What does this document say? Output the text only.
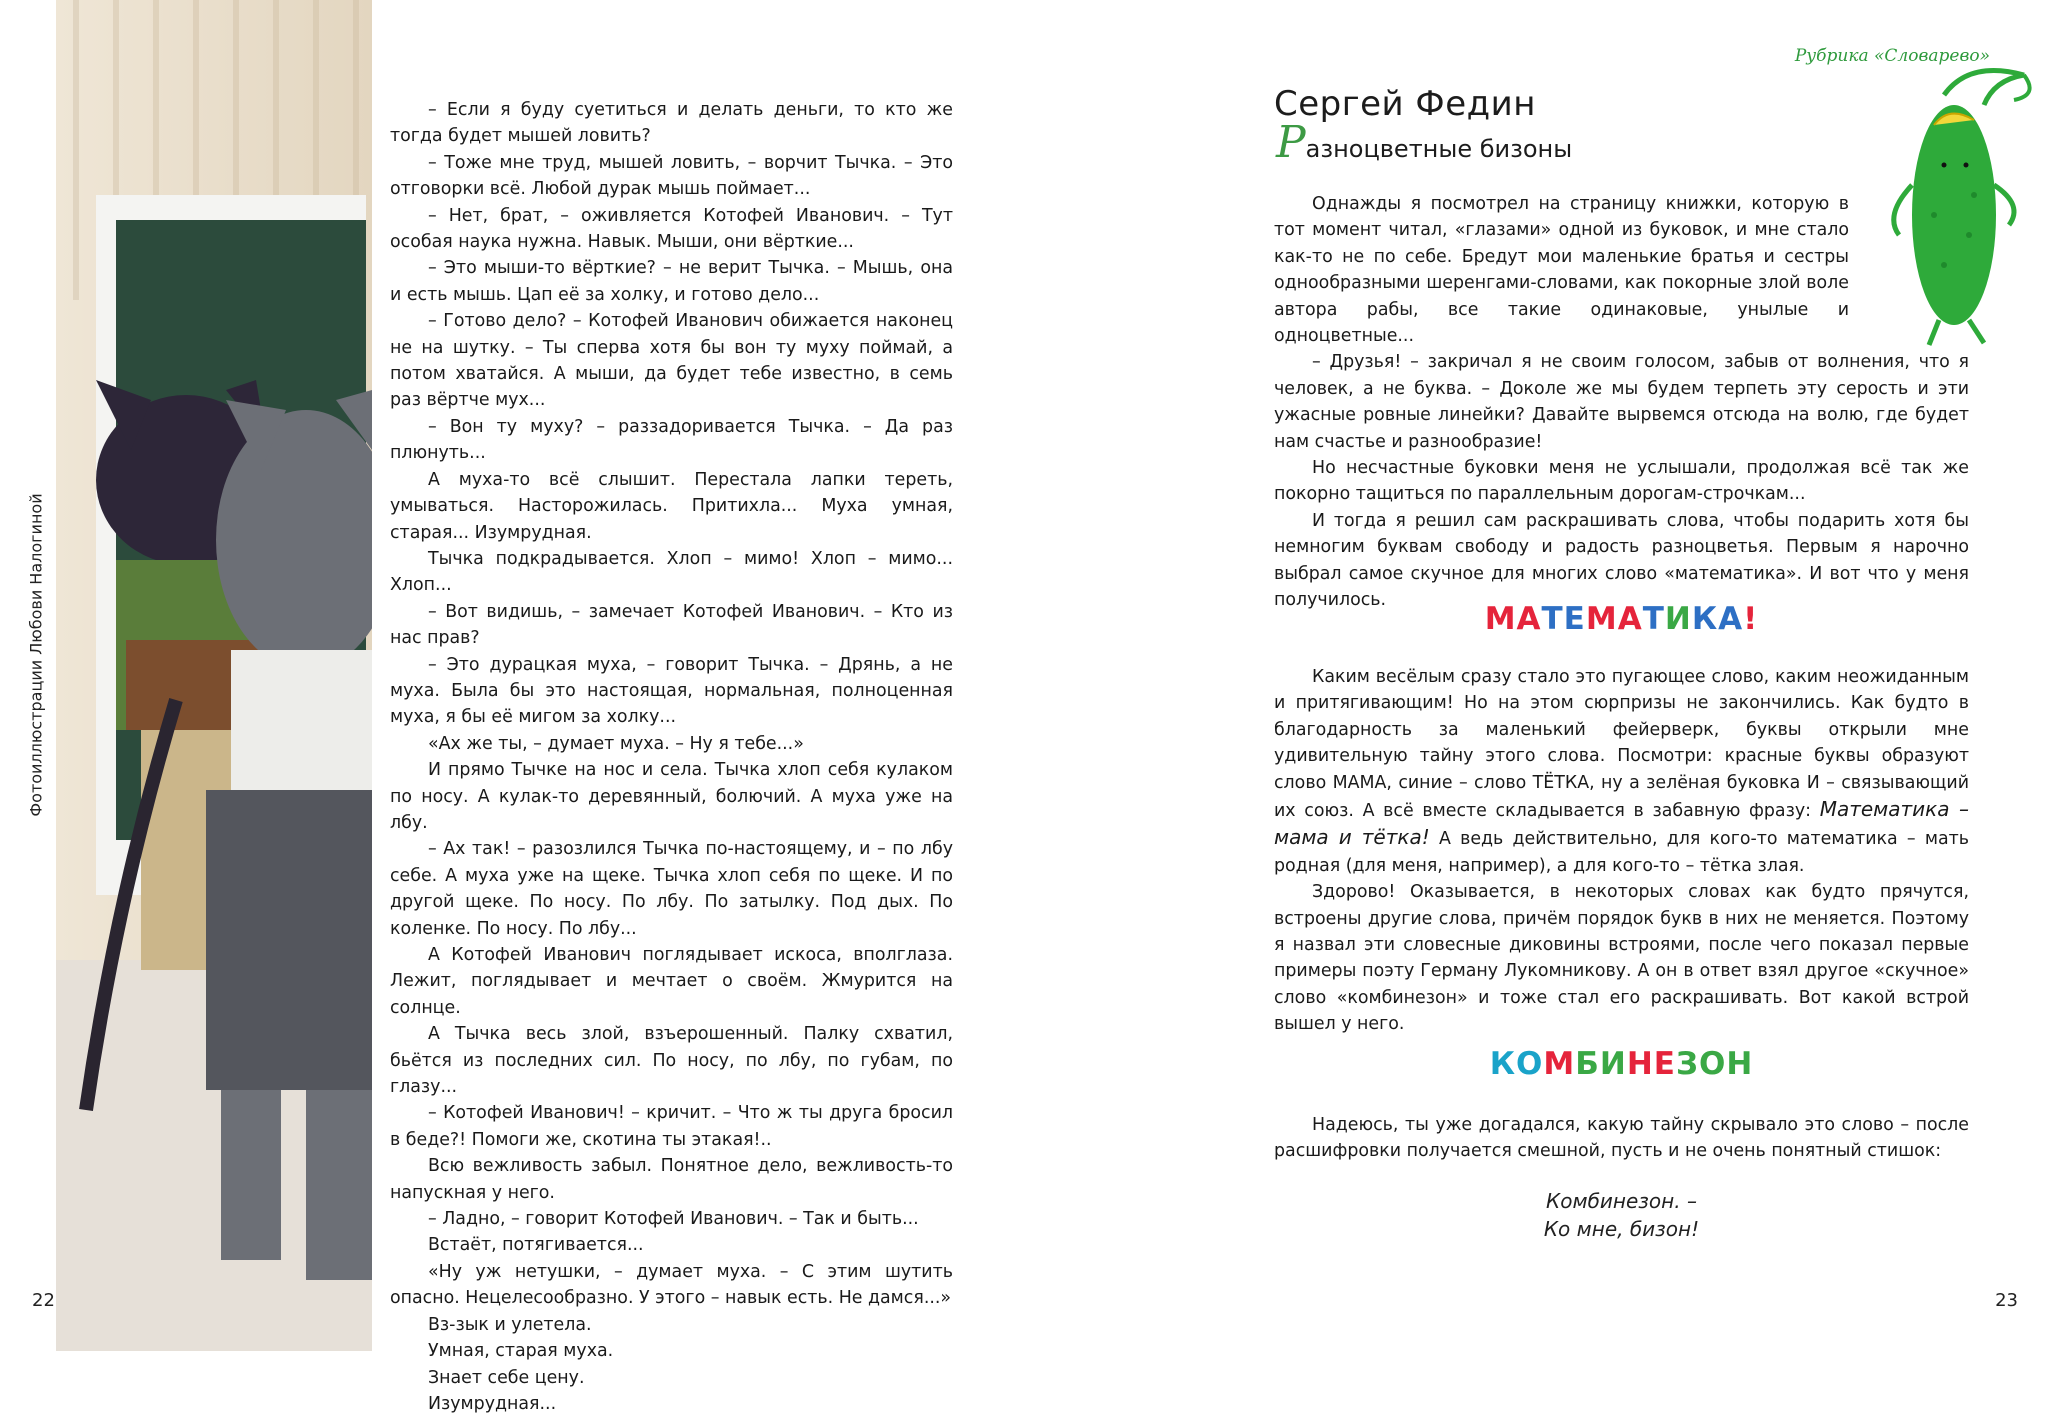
Фотоиллюстрации Любови Налогиной
22

– Если я буду суетиться и делать деньги, то кто же тогда будет мышей ловить?

– Тоже мне труд, мышей ловить, – ворчит Тычка. – Это отговорки всё. Любой дурак мышь поймает...

– Нет, брат, – оживляется Котофей Иванович. – Тут особая наука нужна. Навык. Мыши, они вёрткие...

– Это мыши-то вёрткие? – не верит Тычка. – Мышь, она и есть мышь. Цап её за холку, и готово дело...

– Готово дело? – Котофей Иванович обижается наконец не на шутку. – Ты сперва хотя бы вон ту муху поймай, а потом хватайся. А мыши, да будет тебе известно, в семь раз вёртче мух...

– Вон ту муху? – раззадоривается Тычка. – Да раз плюнуть...

А муха-то всё слышит. Перестала лапки тереть, умываться. Насторожилась. Притихла... Муха умная, старая... Изумрудная.

Тычка подкрадывается. Хлоп – мимо! Хлоп – мимо... Хлоп...

– Вот видишь, – замечает Котофей Иванович. – Кто из нас прав?

– Это дурацкая муха, – говорит Тычка. – Дрянь, а не муха. Была бы это настоящая, нормальная, полноценная муха, я бы её мигом за холку...

«Ах же ты, – думает муха. – Ну я тебе...»

И прямо Тычке на нос и села. Тычка хлоп себя кулаком по носу. А кулак-то деревянный, болючий. А муха уже на лбу.

– Ах так! – разозлился Тычка по-настоящему, и – по лбу себе. А муха уже на щеке. Тычка хлоп себя по щеке. И по другой щеке. По носу. По лбу. По затылку. Под дых. По коленке. По носу. По лбу...

А Котофей Иванович поглядывает искоса, вполглаза. Лежит, поглядывает и мечтает о своём. Жмурится на солнце.

А Тычка весь злой, взъерошенный. Палку схватил, бьётся из последних сил. По носу, по лбу, по губам, по глазу...

– Котофей Иванович! – кричит. – Что ж ты друга бросил в беде?! Помоги же, скотина ты этакая!..

Всю вежливость забыл. Понятное дело, вежливость-то напускная у него.

– Ладно, – говорит Котофей Иванович. – Так и быть...

Встаёт, потягивается...

«Ну уж нетушки, – думает муха. – С этим шутить опасно. Нецелесообразно. У этого – навык есть. Не дамся...»

Вз-зык и улетела.

Умная, старая муха.

Знает себе цену.

Изумрудная...

Рубрика «Словарево»
Сергей Федин
Разноцветные бизоны

Однажды я посмотрел на страницу книжки, которую в тот момент читал, «глазами» одной из буковок, и мне стало как-то не по себе. Бредут мои маленькие братья и сестры однообразными шеренгами-словами, как покорные злой воле автора рабы, все такие одинаковые, унылые и одноцветные...

– Друзья! – закричал я не своим голосом, забыв от волнения, что я человек, а не буква. – Доколе же мы будем терпеть эту серость и эти ужасные ровные линейки? Давайте вырвемся отсюда на волю, где будет нам счастье и разнообразие!

Но несчастные буковки меня не услышали, продолжая всё так же покорно тащиться по параллельным дорогам-строчкам...

И тогда я решил сам раскрашивать слова, чтобы подарить хотя бы немногим буквам свободу и радость разноцветья. Первым я нарочно выбрал самое скучное для многих слово «математика». И вот что у меня получилось.

МАТЕМАТИКА!

Каким весёлым сразу стало это пугающее слово, каким неожиданным и притягивающим! Но на этом сюрпризы не закончились. Как будто в благодарность за маленький фейерверк, буквы открыли мне удивительную тайну этого слова. Посмотри: красные буквы образуют слово МАМА, синие – слово ТЁТКА, ну а зелёная буковка И – связывающий их союз. А всё вместе складывается в забавную фразу: Математика – мама и тётка! А ведь действительно, для кого-то математика – мать родная (для меня, например), а для кого-то – тётка злая.

Здорово! Оказывается, в некоторых словах как будто прячутся, встроены другие слова, причём порядок букв в них не меняется. Поэтому я назвал эти словесные диковины встроями, после чего показал первые примеры поэту Герману Лукомникову. А он в ответ взял другое «скучное» слово «комбинезон» и тоже стал его раскрашивать. Вот какой встрой вышел у него.

КОМБИНЕЗОН

Надеюсь, ты уже догадался, какую тайну скрывало это слово – после расшифровки получается смешной, пусть и не очень понятный стишок:

Комбинезон. –
Ко мне, бизон!
23
